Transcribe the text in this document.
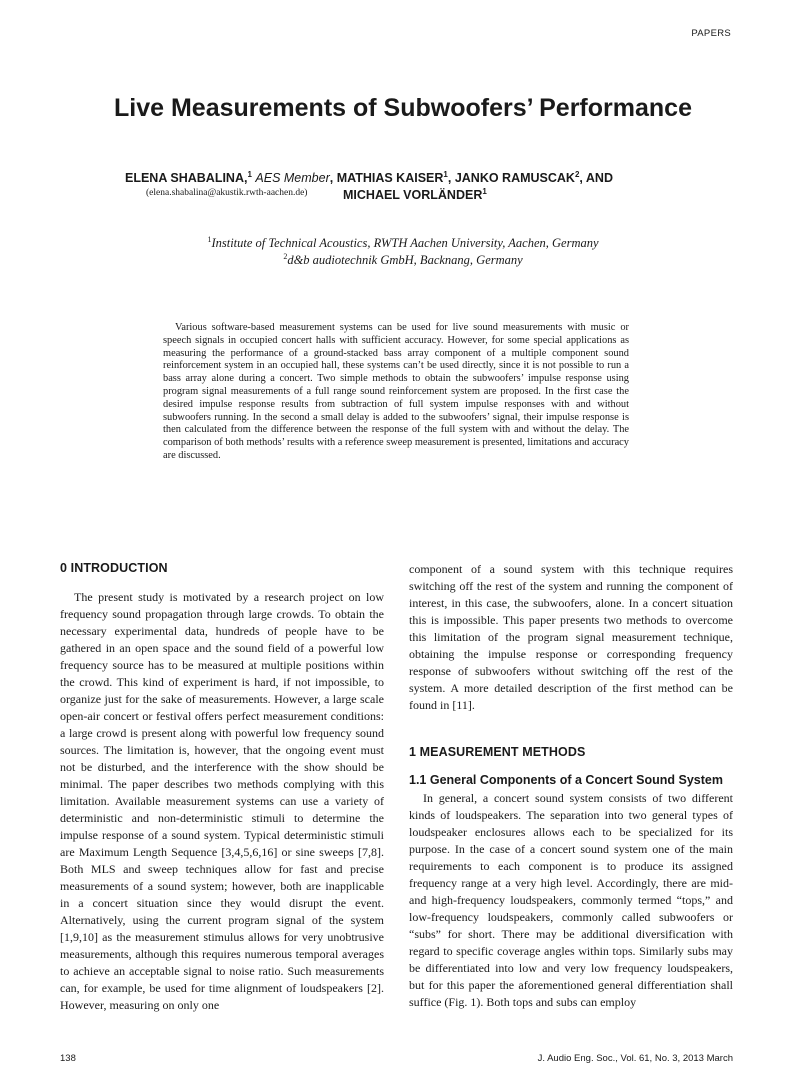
PAPERS
Live Measurements of Subwoofers’ Performance
ELENA SHABALINA,$^1$ AES Member, MATHIAS KAISER$^1$, JANKO RAMUSCAK$^2$, AND
(elena.shabalina@akustik.rwth-aachen.de)	MICHAEL VORLÄNDER$^1$
$^1$Institute of Technical Acoustics, RWTH Aachen University, Aachen, Germany
$^2$d&b audiotechnik GmbH, Backnang, Germany

Various software-based measurement systems can be used for live sound measurements with music or speech signals in occupied concert halls with sufficient accuracy. However, for some special applications as measuring the performance of a ground-stacked bass array component of a multiple component sound reinforcement system in an occupied hall, these systems can’t be used directly, since it is not possible to run a bass array alone during a concert. Two simple methods to obtain the subwoofers’ impulse response using program signal measurements of a full range sound reinforcement system are proposed. In the first case the desired impulse response results from subtraction of full system impulse responses with and without subwoofers running. In the second a small delay is added to the subwoofers’ signal, their impulse response is then calculated from the difference between the response of the full system with and without the delay. The comparison of both methods’ results with a reference sweep measurement is presented, limitations and accuracy are discussed.

0 INTRODUCTION

The present study is motivated by a research project on low frequency sound propagation through large crowds. To obtain the necessary experimental data, hundreds of people have to be gathered in an open space and the sound field of a powerful low frequency source has to be measured at multiple positions within the crowd. This kind of experiment is hard, if not impossible, to organize just for the sake of measurements. However, a large scale open-air concert or festival offers perfect measurement conditions: a large crowd is present along with powerful low frequency sound sources. The limitation is, however, that the ongoing event must not be disturbed, and the interference with the show should be minimal. The paper describes two methods complying with this limitation. Available measurement systems can use a variety of deterministic and non-deterministic stimuli to determine the impulse response of a sound system. Typical deterministic stimuli are Maximum Length Sequence [3,4,5,6,16] or sine sweeps [7,8]. Both MLS and sweep techniques allow for fast and precise measurements of a sound system; however, both are inapplicable in a concert situation since they would disrupt the event. Alternatively, using the current program signal of the system [1,9,10] as the measurement stimulus allows for very unobtrusive measurements, although this requires numerous temporal averages to achieve an acceptable signal to noise ratio. Such measurements can, for example, be used for time alignment of loudspeakers [2]. However, measuring on only one

component of a sound system with this technique requires switching off the rest of the system and running the component of interest, in this case, the subwoofers, alone. In a concert situation this is impossible. This paper presents two methods to overcome this limitation of the program signal measurement technique, obtaining the impulse response or corresponding frequency response of subwoofers without switching off the rest of the system. A more detailed description of the first method can be found in [11].

1 MEASUREMENT METHODS
1.1 General Components of a Concert Sound System

In general, a concert sound system consists of two different kinds of loudspeakers. The separation into two general types of loudspeaker enclosures allows each to be specialized for its purpose. In the case of a concert sound system one of the main requirements to each component is to produce its assigned frequency range at a very high level. Accordingly, there are mid- and high-frequency loudspeakers, commonly termed “tops,” and low-frequency loudspeakers, commonly called subwoofers or “subs” for short. There may be additional diversification with regard to specific coverage angles within tops. Similarly subs may be differentiated into low and very low frequency loudspeakers, but for this paper the aforementioned general differentiation shall suffice (Fig. 1). Both tops and subs can employ

138	J. Audio Eng. Soc., Vol. 61, No. 3, 2013 March
